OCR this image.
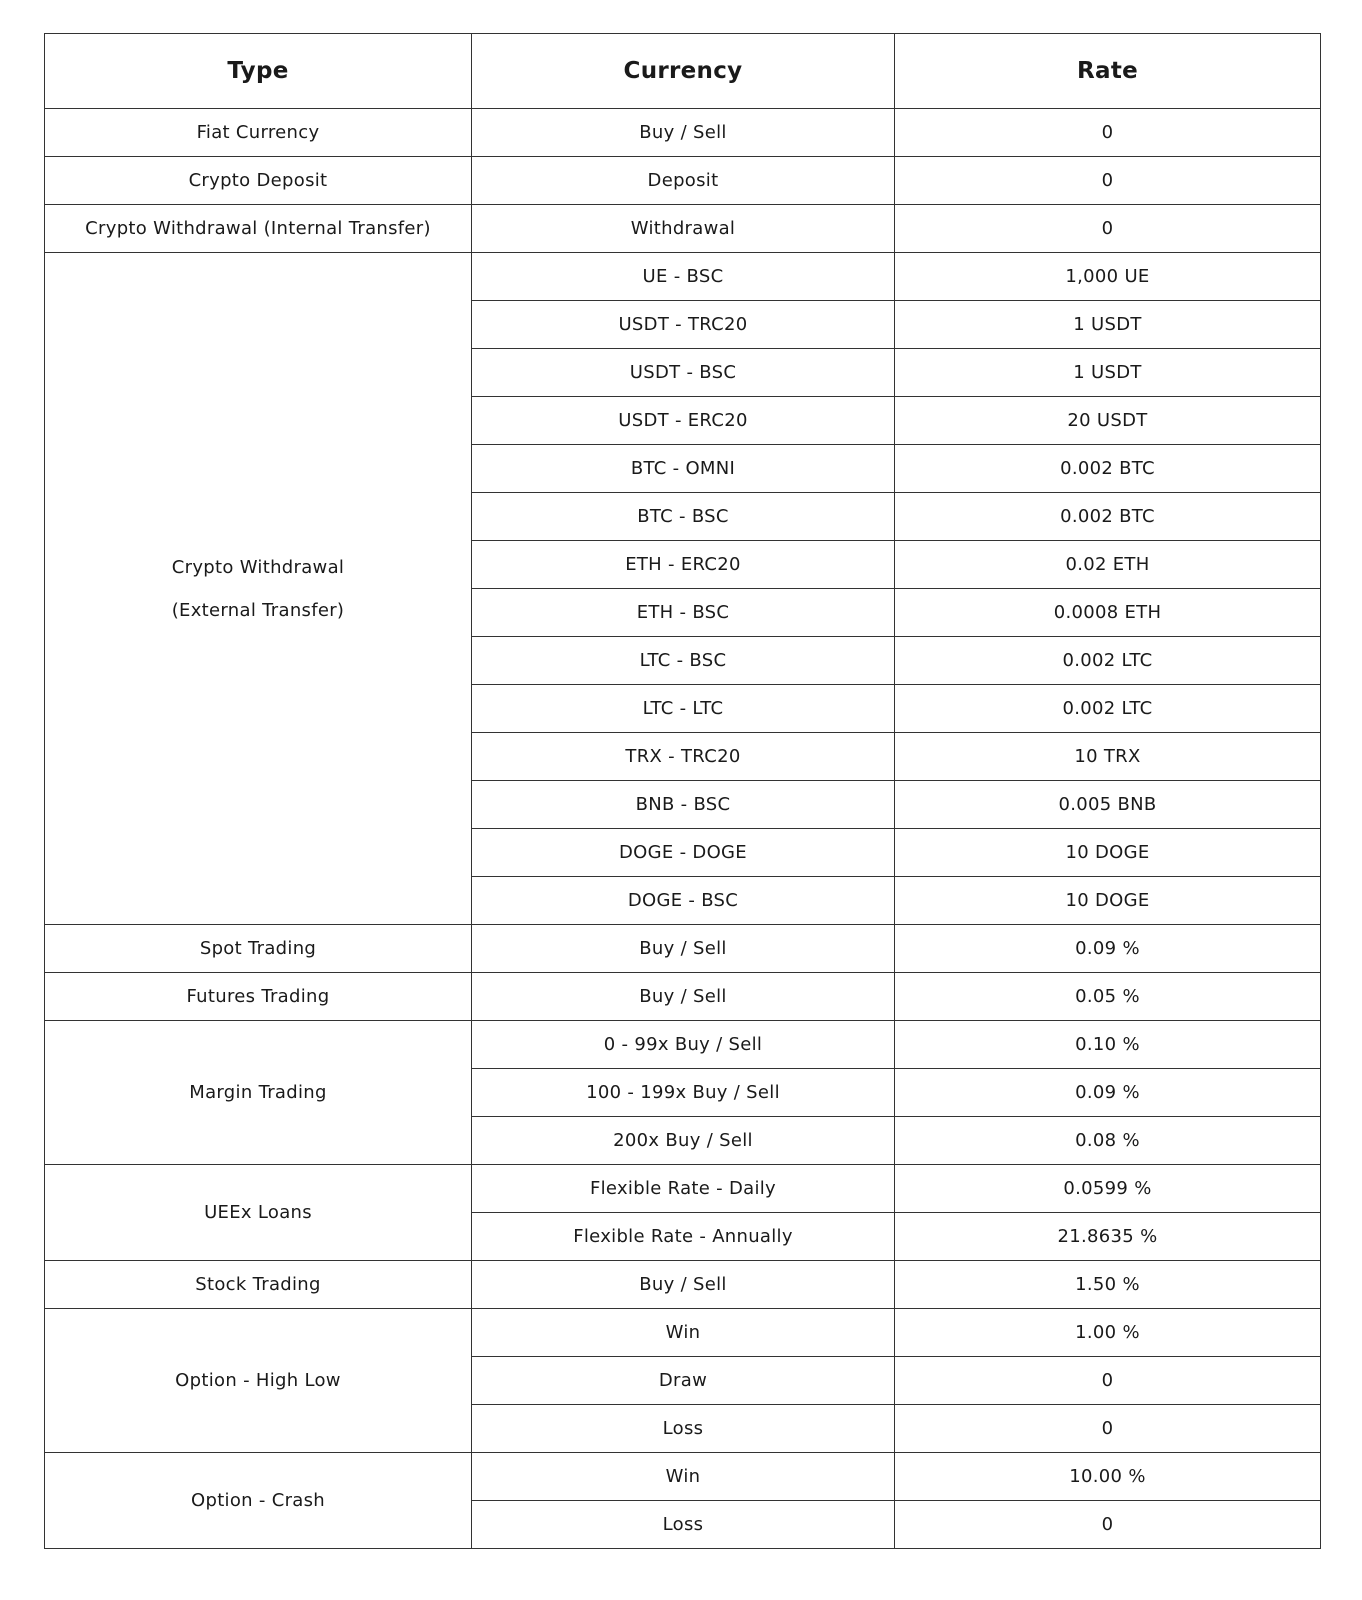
Type	Currency	Rate
Fiat Currency	Buy / Sell	0
Crypto Deposit	Deposit	0
Crypto Withdrawal (Internal Transfer)	Withdrawal	0

Crypto Withdrawal
(External Transfer)	UE - BSC	1,000 UE
	USDT - TRC20	1 USDT
	USDT - BSC	1 USDT
	USDT - ERC20	20 USDT
	BTC - OMNI	0.002 BTC
	BTC - BSC	0.002 BTC
	ETH - ERC20	0.02 ETH
	ETH - BSC	0.0008 ETH
	LTC - BSC	0.002 LTC
	LTC - LTC	0.002 LTC
	TRX - TRC20	10 TRX
	BNB - BSC	0.005 BNB
	DOGE - DOGE	10 DOGE
	DOGE - BSC	10 DOGE
Spot Trading	Buy / Sell	0.09 %
Futures Trading	Buy / Sell	0.05 %
Margin Trading	0 - 99x Buy / Sell	0.10 %
	100 - 199x Buy / Sell	0.09 %
	200x Buy / Sell	0.08 %
UEEx Loans	Flexible Rate - Daily	0.0599 %
	Flexible Rate - Annually	21.8635 %
Stock Trading	Buy / Sell	1.50 %
Option - High Low	Win	1.00 %
	Draw	0
	Loss	0
Option - Crash	Win	10.00 %
	Loss	0
